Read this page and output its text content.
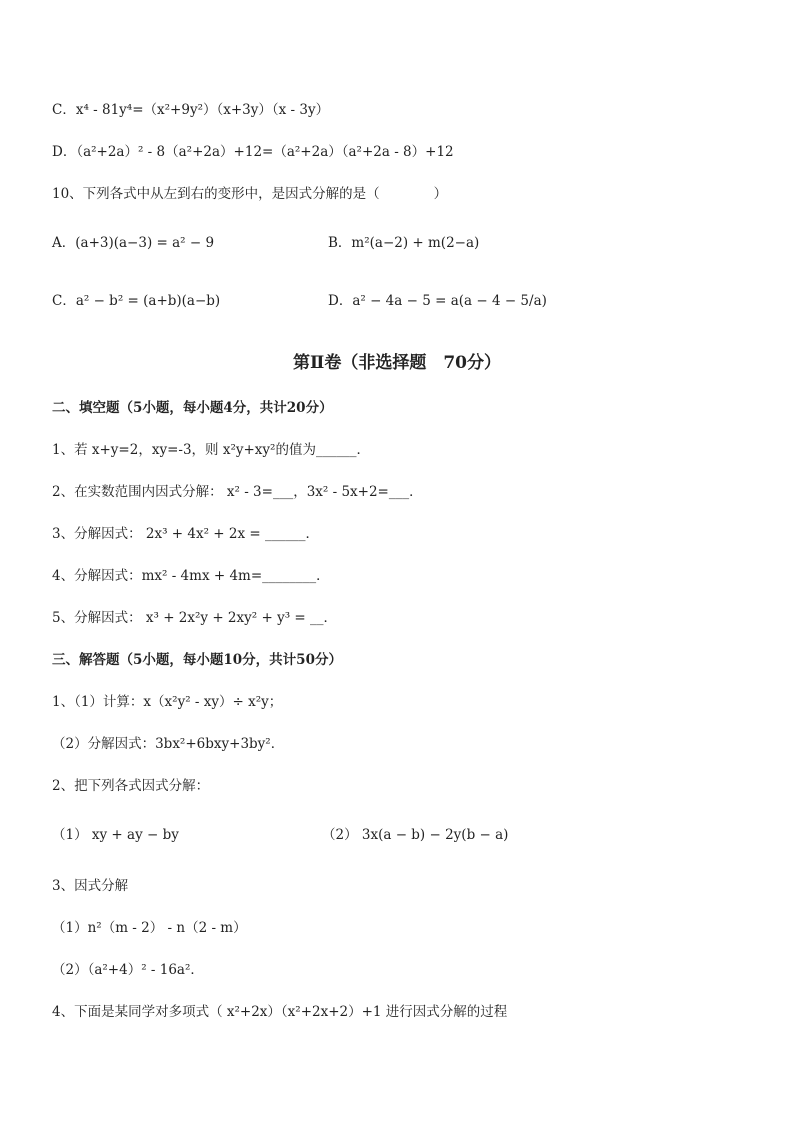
C．x⁴ - 81y⁴=（x²+9y²）（x+3y）（x - 3y）
D．（a²+2a）² - 8（a²+2a）+12=（a²+2a）（a²+2a - 8）+12
10、下列各式中从左到右的变形中，是因式分解的是（　　　　）
A．(a+3)(a−3) = a² − 9	B．m²(a−2) + m(2−a)
C．a² − b² = (a+b)(a−b)	D．a² − 4a − 5 = a(a − 4 − 5/a)
第Ⅱ卷（非选择题　70分）
二、填空题（5小题，每小题4分，共计20分）
1、若 x+y=2，xy=-3，则 x²y+xy²的值为______．
2、在实数范围内因式分解： x² - 3=___，3x² - 5x+2=___．
3、分解因式： 2x³ + 4x² + 2x = ______．
4、分解因式：mx² - 4mx + 4m=________．
5、分解因式： x³ + 2x²y + 2xy² + y³ = __．
三、解答题（5小题，每小题10分，共计50分）
1、（1）计算：x（x²y² - xy）÷ x²y；
（2）分解因式：3bx²+6bxy+3by²．
2、把下列各式因式分解：
（1） xy + ay − by	（2） 3x(a − b) − 2y(b − a)
3、因式分解
（1）n²（m - 2） - n（2 - m）
（2）（a²+4）² - 16a²．
4、下面是某同学对多项式（ x²+2x）（x²+2x+2）+1 进行因式分解的过程
